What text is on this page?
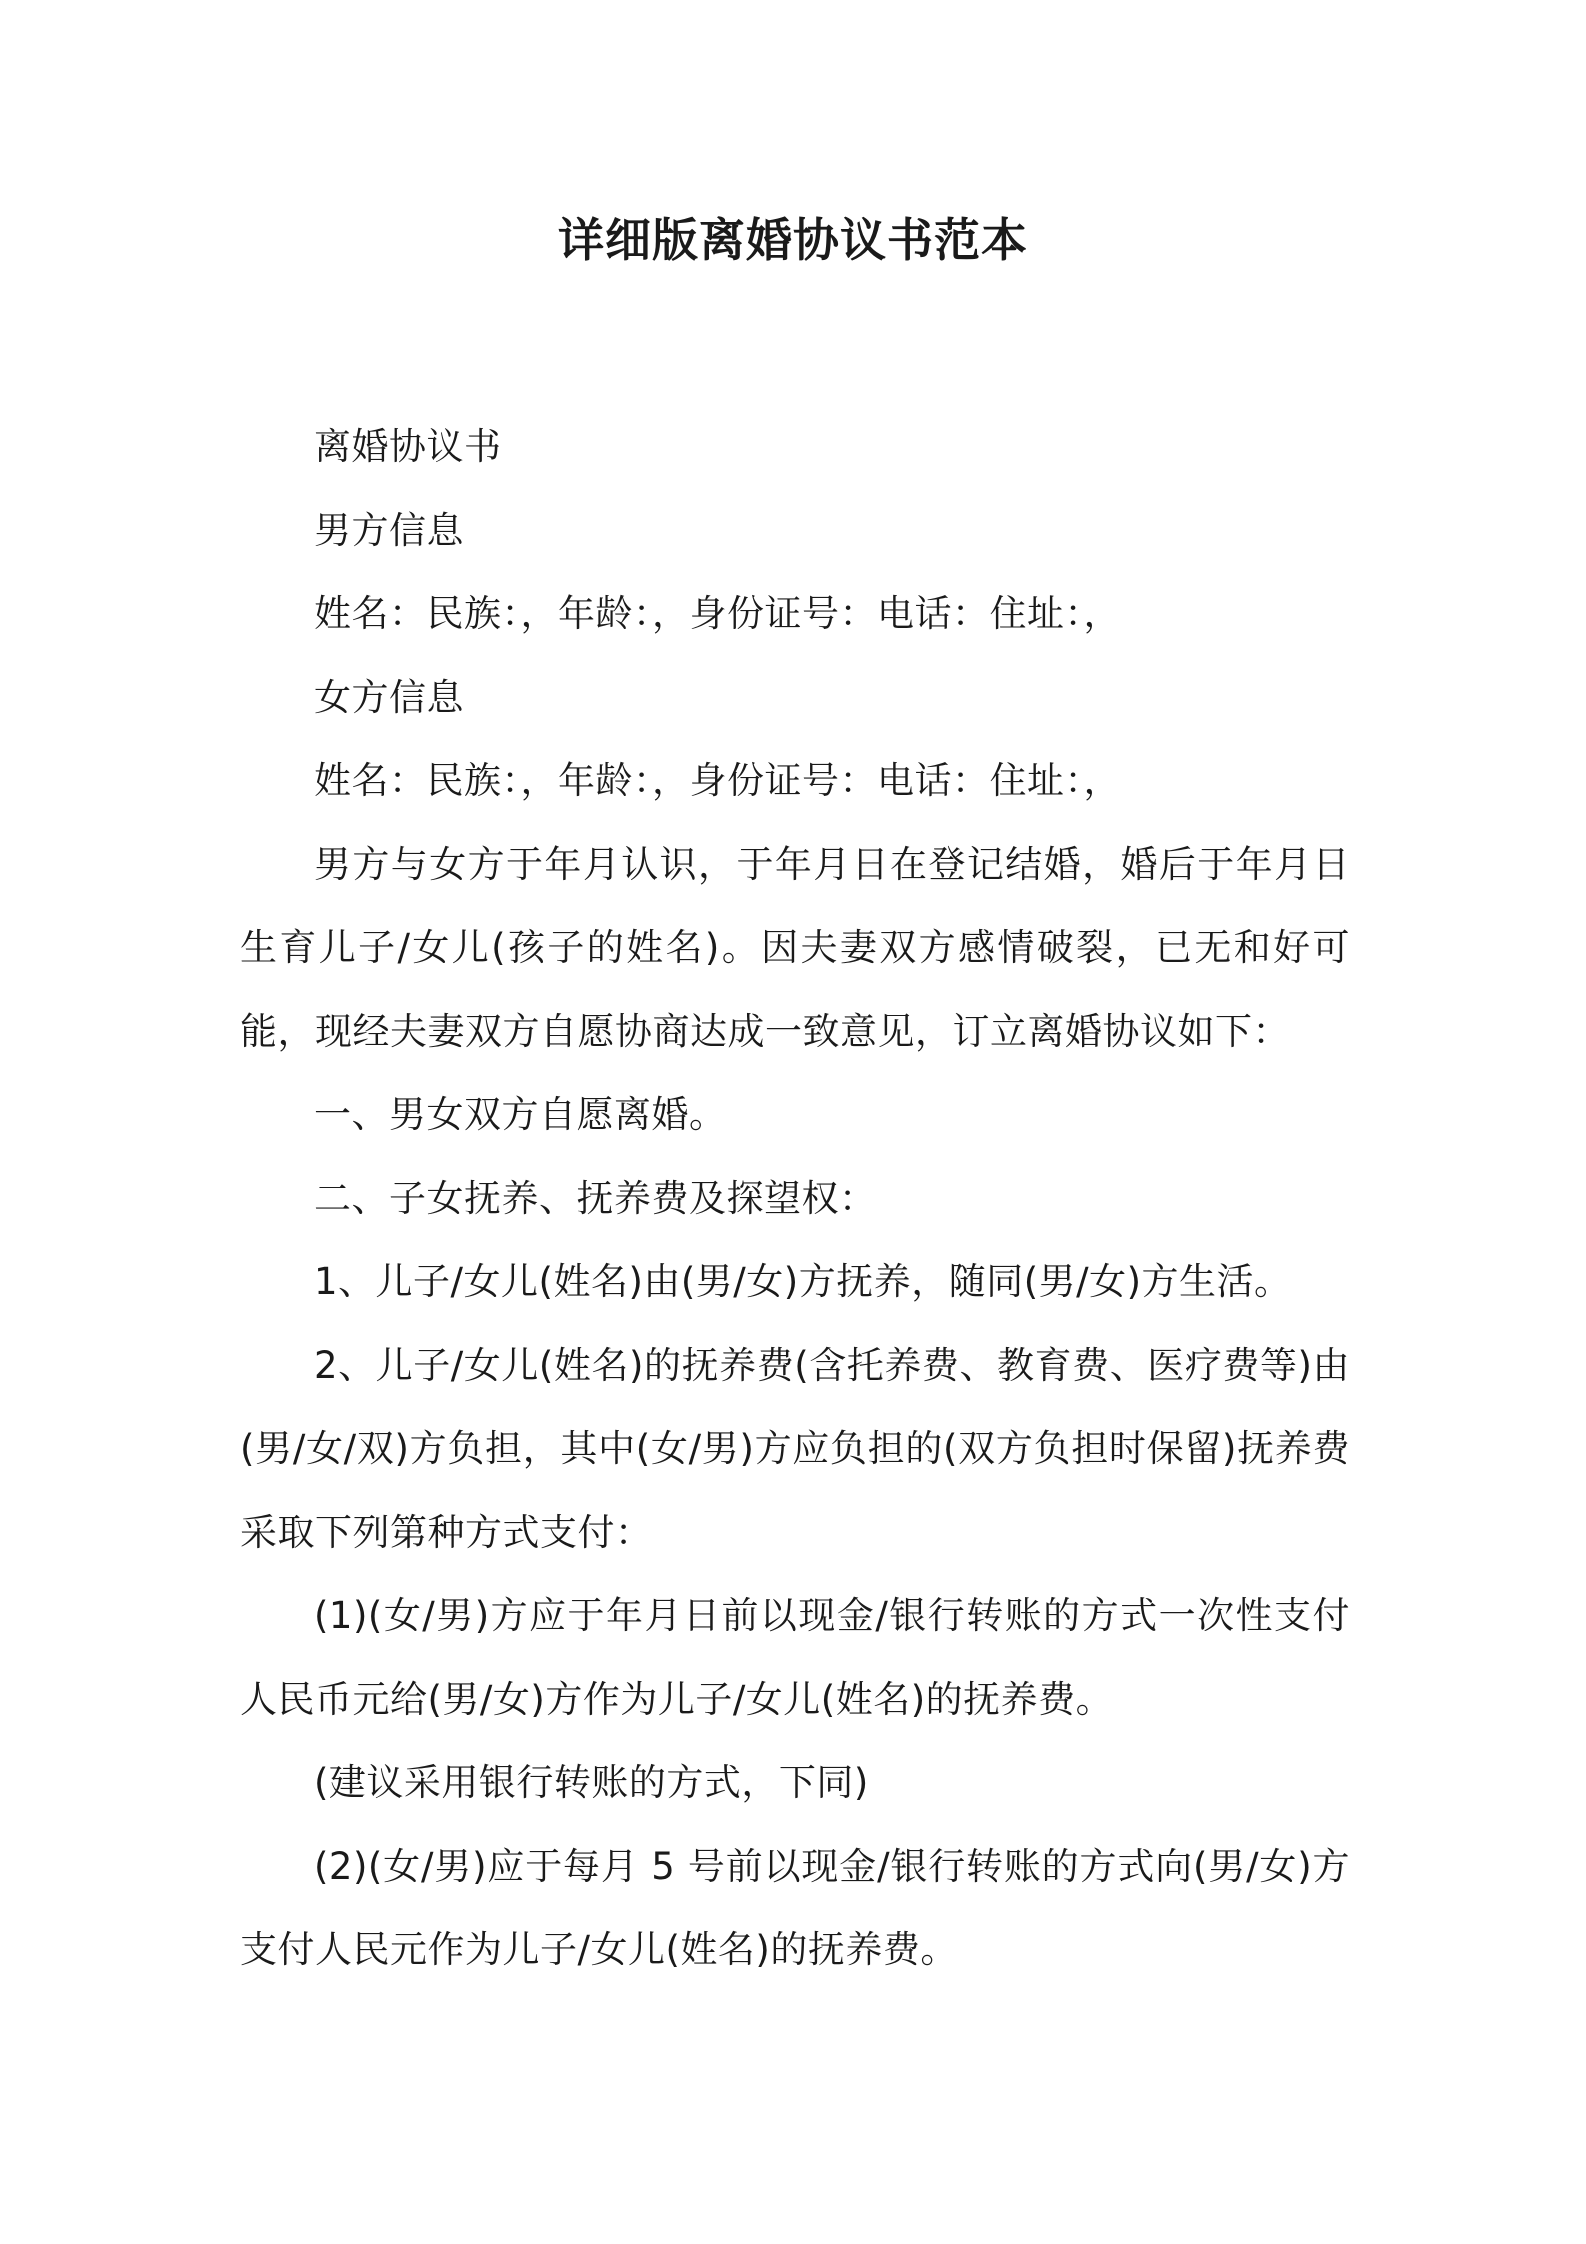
详细版离婚协议书范本

离婚协议书

男方信息

姓名：民族：，年龄：，身份证号：电话：住址：，

女方信息

姓名：民族：，年龄：，身份证号：电话：住址：，

男方与女方于年月认识，于年月日在登记结婚，婚后于年月日生育儿子/女儿(孩子的姓名)。因夫妻双方感情破裂，已无和好可能，现经夫妻双方自愿协商达成一致意见，订立离婚协议如下：

一、男女双方自愿离婚。

二、子女抚养、抚养费及探望权：

1、儿子/女儿(姓名)由(男/女)方抚养，随同(男/女)方生活。

2、儿子/女儿(姓名)的抚养费(含托养费、教育费、医疗费等)由(男/女/双)方负担，其中(女/男)方应负担的(双方负担时保留)抚养费采取下列第种方式支付：

(1)(女/男)方应于年月日前以现金/银行转账的方式一次性支付人民币元给(男/女)方作为儿子/女儿(姓名)的抚养费。

(建议采用银行转账的方式，下同)

(2)(女/男)应于每月 5 号前以现金/银行转账的方式向(男/女)方支付人民元作为儿子/女儿(姓名)的抚养费。
